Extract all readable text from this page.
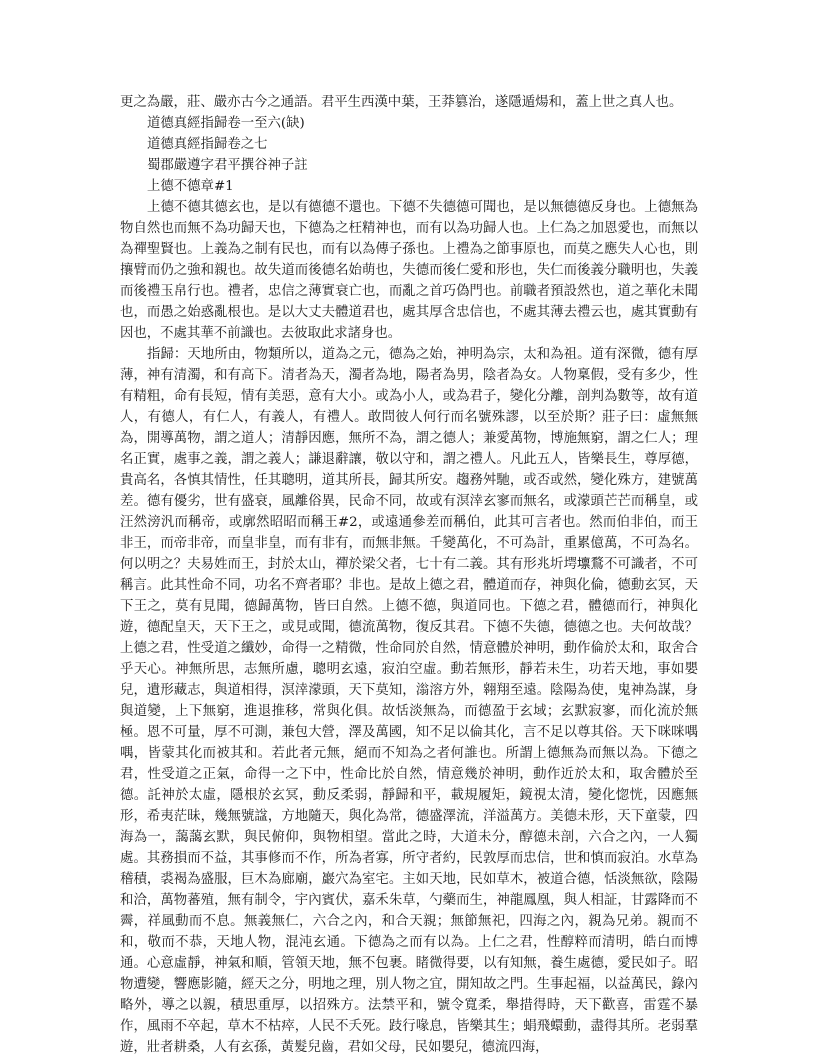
更之為嚴，莊、嚴亦古今之通語。君平生西漢中葉，王莽篡治，遂隱遁煬和，蓋上世之真人也。

道德真經指歸卷一至六(缺)

道德真經指歸卷之七

蜀郡嚴遵字君平撰谷神子註

上德不德章#1

上德不德其德玄也，是以有德德不還也。下德不失德德可聞也，是以無德德反身也。上德無為物自然也而無不為功歸天也，下德為之枉精神也，而有以為功歸人也。上仁為之加恩愛也，而無以為禪聖賢也。上義為之制有民也，而有以為傳子孫也。上禮為之節事原也，而莫之應失人心也，則攘臂而仍之強和親也。故失道而後德名始萌也，失德而後仁愛和形也，失仁而後義分職明也，失義而後禮玉帛行也。禮者，忠信之薄實衰亡也，而亂之首巧偽門也。前職者預設然也，道之華化未聞也，而愚之始惑亂根也。是以大丈夫體道君也，處其厚含忠信也，不處其薄去禮云也，處其實動有因也，不處其華不前識也。去彼取此求諸身也。

指歸：天地所由，物類所以，道為之元，德為之始，神明為宗，太和為祖。道有深微，德有厚薄，神有清濁，和有高下。清者為天，濁者為地，陽者為男，陰者為女。人物稟假，受有多少，性有精粗，命有長短，情有美惡，意有大小。或為小人，或為君子，變化分離，剖判為數等，故有道人，有德人，有仁人，有義人，有禮人。敢問彼人何行而名號殊謬，以至於斯？莊子曰：虛無無為，開導萬物，謂之道人；清靜因應，無所不為，謂之德人；兼愛萬物，博施無窮，謂之仁人；理名正實，處事之義，謂之義人；謙退辭讓，敬以守和，謂之禮人。凡此五人，皆樂長生，尊厚德，貴高名，各慎其情性，任其聰明，道其所長，歸其所安。趨務舛馳，或否或然，變化殊方，建號萬差。德有優劣，世有盛衰，風離俗異，民命不同，故或有溟涬玄寥而無名，或濛頭芒芒而稱皇，或汪然滂汎而稱帝，或廓然昭昭而稱王#2，或遠通參差而稱伯，此其可言者也。然而伯非伯，而王非王，而帝非帝，而皇非皇，而有非有，而無非無。千變萬化，不可為計，重累億萬，不可為名。何以明之？夫易姓而王，封於太山，禪於梁父者，七十有二義。其有形兆圻堮𡒄鶩不可識者，不可稱言。此其性命不同，功名不齊者耶？非也。是故上德之君，體道而存，神與化倫，德動玄冥，天下王之，莫有見聞，德歸萬物，皆曰自然。上德不德，與道同也。下德之君，體德而行，神與化遊，德配皇天，天下王之，或見或聞，德流萬物，復反其君。下德不失德，德德之也。夫何故哉？上德之君，性受道之纖妙，命得一之精微，性命同於自然，情意體於神明，動作倫於太和，取舍合乎天心。神無所思，志無所慮，聰明玄遠，寂泊空虛。動若無形，靜若未生，功若天地，事如嬰兒，遺形藏志，與道相得，溟涬濛頭，天下莫知，滃溶方外，翱翔至遠。陰陽為使，鬼神為謀，身與道變，上下無窮，進退推移，常與化俱。故恬淡無為，而德盈于玄域；玄默寂寥，而化流於無極。恩不可量，厚不可測，兼包大營，澤及萬國，知不足以倫其化，言不足以尊其俗。天下咪咪喁喁，皆蒙其化而被其和。若此者元無，絕而不知為之者何誰也。所謂上德無為而無以為。下德之君，性受道之正氣，命得一之下中，性命比於自然，情意幾於神明，動作近於太和，取舍體於至德。託神於太虛，隱根於玄冥，動反柔弱，靜歸和平，載規履矩，鏡視太清，變化惚恍，因應無形，希夷茫昧，幾無號諡，方地隨天，與化為常，德盛澤流，洋溢萬方。美德未形，天下童蒙，四海為一，藹藹玄默，與民俯仰，與物相望。當此之時，大道未分，醇德未剖，六合之內，一人獨處。其務損而不益，其事修而不作，所為者寡，所守者約，民敦厚而忠信，世和慎而寂泊。水草為稽積，裘褐為盛服，巨木為廊廟，巖穴為室宅。主如天地，民如草木，被道合德，恬淡無欲，陰陽和洽，萬物蕃殖，無有制令，宇內賓伏，嘉禾朱草，勺藥而生，神龍鳳凰，與人相証，甘露降而不霽，祥風動而不息。無義無仁，六合之內，和合天親；無節無祀，四海之內，親為兄弟。親而不和，敬而不恭，天地人物，混沌玄通。下德為之而有以為。上仁之君，性醇粹而清明，皓白而博通。心意虛靜，神氣和順，管領天地，無不包裹。睹微得要，以有知無，養生處德，愛民如子。昭物遭變，響應影隨，經天之分，明地之理，別人物之宜，開知故之門。生事起福，以益萬民，錄內略外，導之以親，積思重厚，以招殊方。法禁平和，號令寬柔，舉措得時，天下歡喜，雷霆不暴作，風雨不卒起，草木不枯瘁，人民不夭死。跂行喙息，皆樂其生；蜎飛蠉動，盡得其所。老弱羣遊，壯者耕桑，人有玄孫，黃髮兒齒，君如父母，民如嬰兒，德流四海，
